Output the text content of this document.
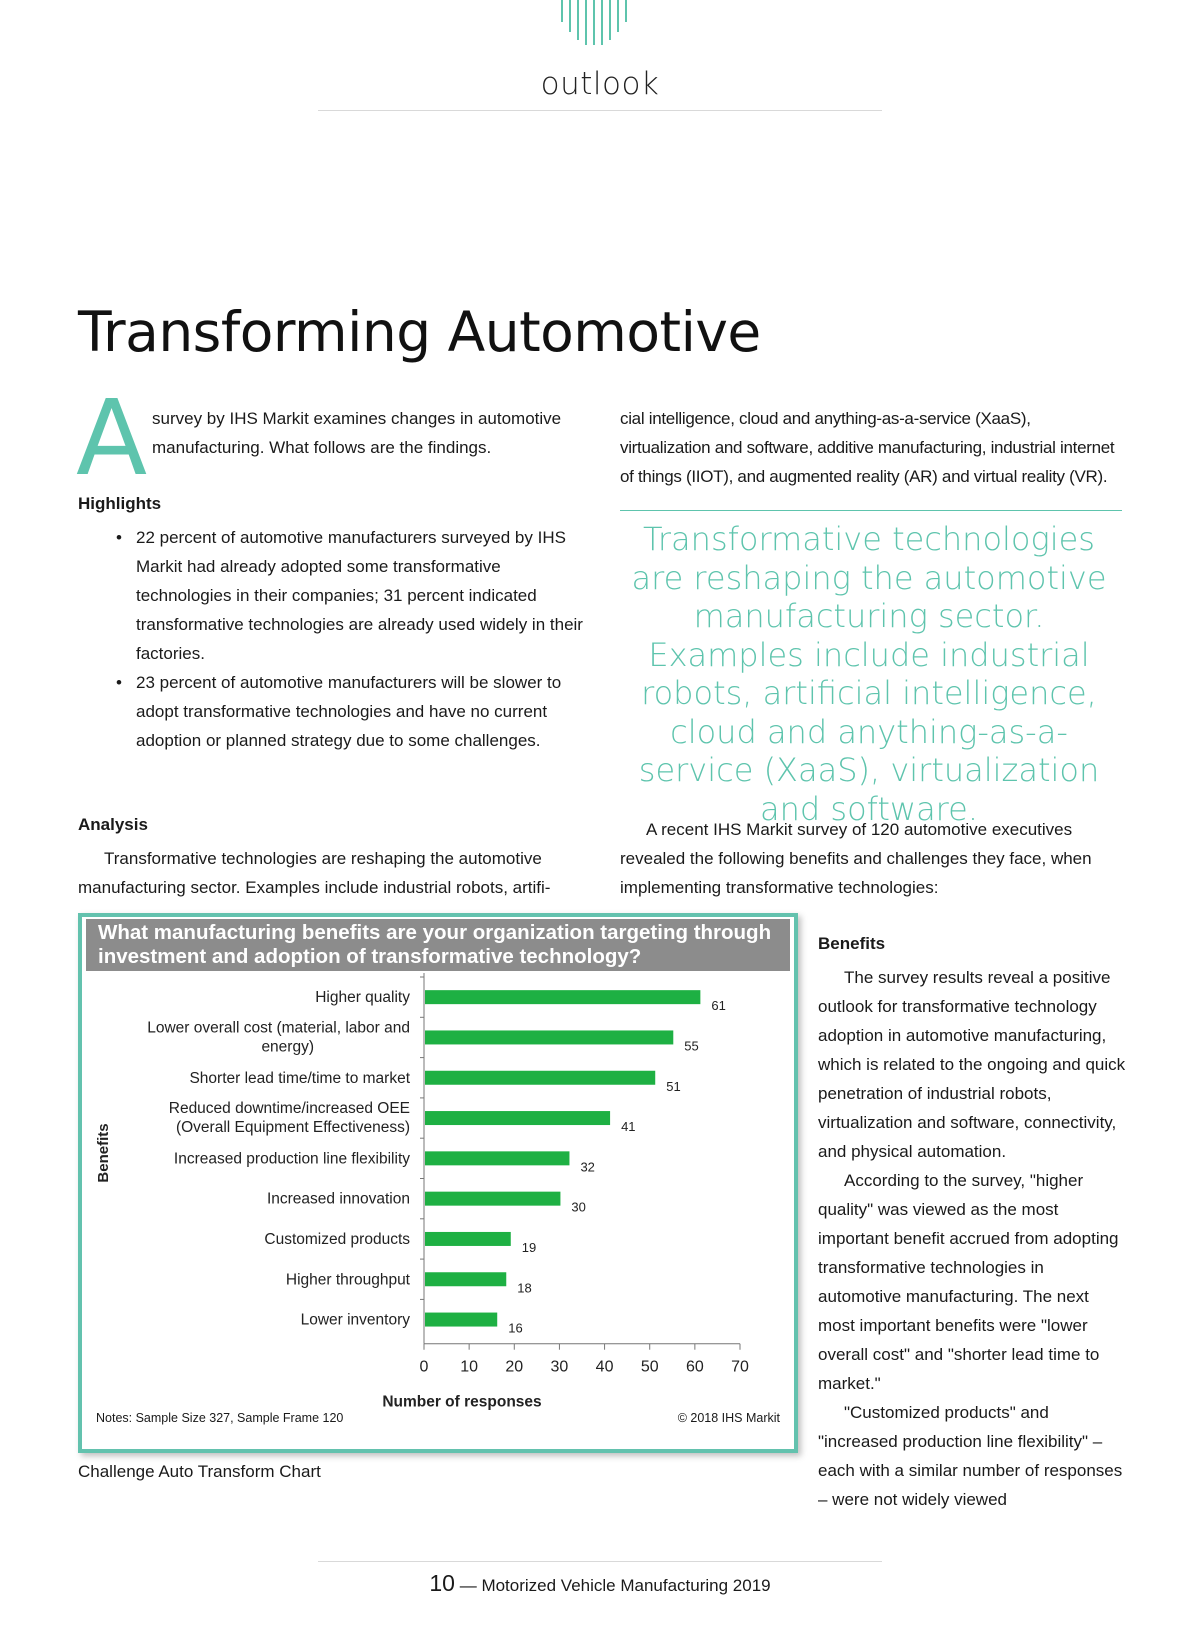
outlook
Transforming Automotive
A survey by IHS Markit examines changes in automotive manufacturing. What follows are the findings.
Highlights
• 22 percent of automotive manufacturers surveyed by IHS Markit had already adopted some transformative technologies in their companies; 31 percent indicated transformative technologies are already used widely in their factories.
• 23 percent of automotive manufacturers will be slower to adopt transformative technologies and have no current adoption or planned strategy due to some challenges.
Analysis
Transformative technologies are reshaping the automotive manufacturing sector. Examples include industrial robots, artifi-
cial intelligence, cloud and anything-as-a-service (XaaS), virtualization and software, additive manufacturing, industrial internet of things (IIOT), and augmented reality (AR) and virtual reality (VR).
Transformative technologies are reshaping the automotive manufacturing sector. Examples include industrial robots, artificial intelligence, cloud and anything-as-a-service (XaaS), virtualization and software.
A recent IHS Markit survey of 120 automotive executives revealed the following benefits and challenges they face, when implementing transformative technologies:
Benefits
The survey results reveal a positive outlook for transformative technology adoption in automotive manufacturing, which is related to the ongoing and quick penetration of industrial robots, virtualization and software, connectivity, and physical automation.
According to the survey, "higher quality" was viewed as the most important benefit accrued from adopting transformative technologies in automotive manufacturing. The next most important benefits were "lower overall cost" and "shorter lead time to market."
"Customized products" and "increased production line flexibility" – each with a similar number of responses – were not widely viewed
What manufacturing benefits are your organization targeting through investment and adoption of transformative technology?
Higher quality	61
Lower overall cost (material, labor and energy)	55
Shorter lead time/time to market	51
Reduced downtime/increased OEE (Overall Equipment Effectiveness)	41
Increased production line flexibility	32
Increased innovation	30
Customized products	19
Higher throughput	18
Lower inventory	16
0 10 20 30 40 50 60 70
Number of responses
Benefits
Notes: Sample Size 327, Sample Frame 120	© 2018 IHS Markit
Challenge Auto Transform Chart
10 — Motorized Vehicle Manufacturing 2019
